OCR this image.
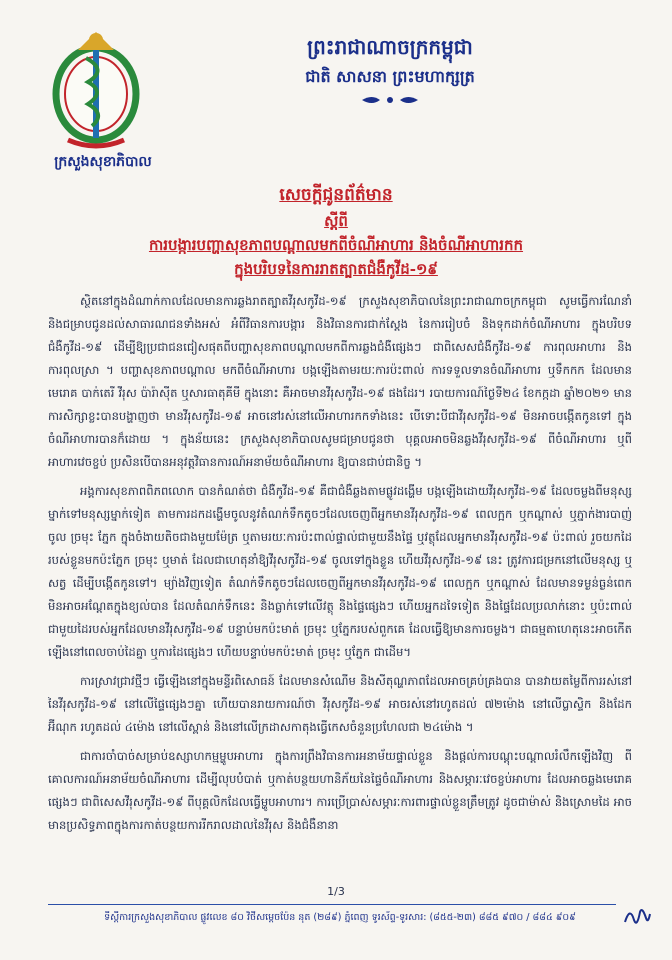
ក្រសួងសុខាភិបាល
ព្រះរាជាណាចក្រកម្ពុជា
ជាតិ សាសនា ព្រះមហាក្សត្រ
សេចក្តីជូនព័ត៌មាន
ស្តីពី
ការបង្ការបញ្ហាសុខភាពបណ្តាលមកពីចំណីអាហារ និងចំណីអាហារកក
ក្នុងបរិបទនៃការរាតត្បាតជំងឺកូវីដ-១៩

ស្ថិតនៅក្នុងដំណាក់កាលដែលមានការឆ្លងរាតត្បាតវីរុសកូវីដ-១៩ ក្រសួងសុខាភិបាលនៃព្រះរាជាណាចក្រកម្ពុជា សូមធ្វើការណែនាំ និងជម្រាបជូនដល់សាធារណជនទាំងអស់ អំពីវិធានការបង្ការ និងវិធានការជាក់ស្តែង នៃការរៀបចំ និងទុកដាក់ចំណីអាហារ ក្នុងបរិបទជំងឺកូវីដ-១៩ ដើម្បីឱ្យប្រជាជនជៀសផុតពីបញ្ហាសុខភាពបណ្តាលមកពីការឆ្លងជំងឺផ្សេងៗ ជាពិសេសជំងឺកូវីដ-១៩ ការពុលអាហារ និងការពុលស្រា ។ បញ្ហាសុខភាពបណ្តាល មកពីចំណីអាហារ បង្កឡើងតាមរយៈការប៉ះពាល់ ការទទួលទានចំណីអាហារ ឬទឹកកក ដែលមានមេរោគ បាក់តេរី វីរុស ប៉ារ៉ាស៊ីត ឬសារធាតុគីមី ក្នុងនោះ គឺអាចមានវីរុសកូវីដ-១៩ ផងដែរ។ របាយការណ៍ថ្ងៃទី២៤ ខែកក្កដា ឆ្នាំ២០២១ មានការសិក្សាខ្លះបានបង្ហាញថា មានវីរុសកូវីដ-១៩ អាចនៅរស់នៅលើអាហារកកទាំងនេះ បើទោះបីជាវីរុសកូវីដ-១៩ មិនអាចបង្កើតកូនទៅ ក្នុងចំណីអាហារបានក៏ដោយ ។ ក្នុងន័យនេះ ក្រសួងសុខាភិបាលសូមជម្រាបជូនថា បុគ្គលអាចមិនឆ្លងវីរុសកូវីដ-១៩ ពីចំណីអាហារ ឬពីអាហារវេចខ្ចប់ ប្រសិនបើបានអនុវត្តវិធានការណ៍អនាម័យចំណីអាហារ ឱ្យបានជាប់ជានិច្ច ។

អង្គការសុខភាពពិភពលោក បានកំណត់ថា ជំងឺកូវីដ-១៩ គឺជាជំងឺឆ្លងតាមផ្លូវដង្ហើម បង្កឡើងដោយវីរុសកូវីដ-១៩ ដែលចម្លងពីមនុស្សម្នាក់ទៅមនុស្សម្នាក់ទៀត តាមការដកដង្ហើមចូលនូវតំណក់ទឹកតូចៗដែលចេញពីអ្នកមានវីរុសកូវីដ-១៩ ពេលក្អក ឬកណ្តាស់ ឬភ្នាក់ងារបាញ់ចូល ច្រមុះ ភ្នែក ក្នុងចំងាយតិចជាងមួយម៉ែត្រ ឬតាមរយៈការប៉ះពាល់ផ្ទាល់ជាមួយនឹងផ្ទៃ ឬវត្ថុដែលអ្នកមានវីរុសកូវីដ-១៩ ប៉ះពាល់ រួចយកដៃរបស់ខ្លួនមកប៉ះភ្នែក ច្រមុះ ឬមាត់ ដែលជាហេតុនាំឱ្យវីរុសកូវីដ-១៩ ចូលទៅក្នុងខ្លួន ហើយវីរុសកូវីដ-១៩ នេះ ត្រូវការជម្រកនៅលើមនុស្ស ឬសត្វ ដើម្បីបង្កើតកូនទៅ។ ម្យ៉ាងវិញទៀត តំណក់ទឹកតូចៗដែលចេញពីអ្នកមានវីរុសកូវីដ-១៩ ពេលក្អក ឬកណ្តាស់ ដែលមានទម្ងន់ធ្ងន់ពេក មិនអាចអណ្តែតក្នុងខ្យល់បាន ដែលតំណក់ទឹកនេះ និងធ្លាក់ទៅលើវត្ថុ និងផ្ទៃផ្សេងៗ ហើយអ្នកដទៃទៀត និងផ្ទៃដែលប្រលាក់នោះ ឬប៉ះពាល់ជាមួយដៃរបស់អ្នកដែលមានវីរុសកូវីដ-១៩ បន្ទាប់មកប៉ះមាត់ ច្រមុះ ឬភ្នែករបស់ពួកគេ ដែលធ្វើឱ្យមានការចម្លង។ ជាធម្មតាហេតុនេះអាចកើតឡើងនៅពេលចាប់ដៃគ្នា ឬការដៃផ្សេងៗ ហើយបន្ទាប់មកប៉ះមាត់ ច្រមុះ ឬភ្នែក ជាដើម។

ការស្រាវជ្រាវថ្មីៗ ធ្វើឡើងនៅក្នុងមន្ទីរពិសោធន៍ ដែលមានសំណើម និងសីតុណ្ហភាពដែលអាចគ្រប់គ្រងបាន បានវាយតម្លៃពីការរស់នៅនៃវីរុសកូវីដ-១៩ នៅលើផ្ទៃផ្សេងៗគ្នា ហើយបានរាយការណ៍ថា វីរុសកូវីដ-១៩ អាចរស់នៅរហូតដល់ ៧២ម៉ោង នៅលើប្លាស្ទិក និងដែកអ៊ីណុក រហូតដល់ ៤ម៉ោង នៅលើស្ពាន់ និងនៅលើក្រដាសកាតុងធ្វើកេសចំនួនប្រហែលជា ២៤ម៉ោង ។

ជាការចាំបាច់សម្រាប់ឧស្សាហកម្មម្ហូបអាហារ ក្នុងការព្រឹងវិធានការអនាម័យផ្ទាល់ខ្លួន និងផ្តល់ការបណ្តុះបណ្តាលរំលឹកឡើងវិញ ពីគោលការណ៍អនាម័យចំណីអាហារ ដើម្បីលុបបំបាត់ ឬកាត់បន្ថយហានិភ័យនៃផ្ទៃចំណីអាហារ និងសម្ភារៈវេចខ្ចប់អាហារ ដែលអាចឆ្លងមេរោគផ្សេងៗ ជាពិសេសវីរុសកូវីដ-១៩ ពីបុគ្គលិកដែលធ្វើម្ហូបអាហារ។ ការប្រើប្រាស់សម្ភារៈការពារផ្ទាល់ខ្លួនត្រឹមត្រូវ ដូចជាម៉ាស់ និងស្រោមដៃ អាចមានប្រសិទ្ធភាពក្នុងការកាត់បន្ថយការរីករាលដាលនៃវីរុស និងជំងឺនានា

1/3
ទីស្តីការក្រសួងសុខាភិបាល ផ្លូវលេខ ៨០ វិថីសម្តេចប៉ែន នុត (២៨៩) ភ្នំពេញ ទូរស័ព្ទ-ទូរសារ: (៨៥៥-២៣) ៨៨៥ ៩៧០ / ៨៨៤ ៩០៩
